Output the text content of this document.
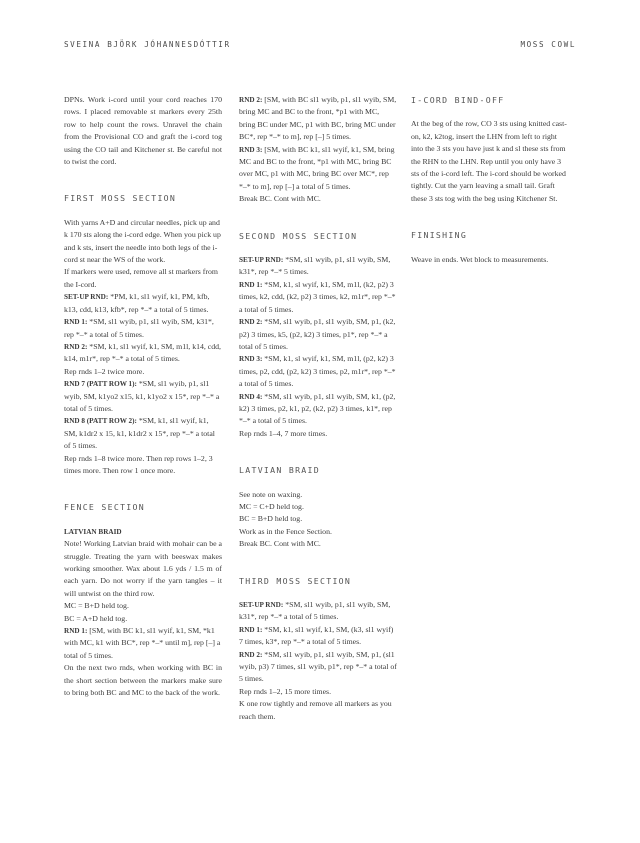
SVEINA BJÖRK JÓHANNESDÓTTIR	MOSS COWL

DPNs. Work i-cord until your cord reaches 170 rows. I placed removable st markers every 25th row to help count the rows. Unravel the chain from the Provisional CO and graft the i-cord tog using the CO tail and Kitchener st. Be careful not to twist the cord.

FIRST MOSS SECTION

With yarns A+D and circular needles, pick up and k 170 sts along the i-cord edge. When you pick up and k sts, insert the needle into both legs of the i-cord st near the WS of the work.

If markers were used, remove all st markers from the I-cord.

SET-UP RND: *PM, k1, sl1 wyif, k1, PM, kfb, k13, cdd, k13, kfb*, rep *–* a total of 5 times.

RND 1: *SM, sl1 wyib, p1, sl1 wyib, SM, k31*, rep *–* a total of 5 times.

RND 2: *SM, k1, sl1 wyif, k1, SM, m1l, k14, cdd, k14, m1r*, rep *–* a total of 5 times.

Rep rnds 1–2 twice more.

RND 7 (PATT ROW 1): *SM, sl1 wyib, p1, sl1 wyib, SM, k1yo2 x15, k1, k1yo2 x 15*, rep *–* a total of 5 times.

RND 8 (PATT ROW 2): *SM, k1, sl1 wyif, k1, SM, k1dr2 x 15, k1, k1dr2 x 15*, rep *–* a total of 5 times.

Rep rnds 1–8 twice more. Then rep rows 1–2, 3 times more. Then row 1 once more.

FENCE SECTION

LATVIAN BRAID

Note! Working Latvian braid with mohair can be a struggle. Treating the yarn with beeswax makes working smoother. Wax about 1.6 yds / 1.5 m of each yarn. Do not worry if the yarn tangles – it will untwist on the third row.

MC = B+D held tog.

BC = A+D held tog.

RND 1: [SM, with BC k1, sl1 wyif, k1, SM, *k1 with MC, k1 with BC*, rep *–* until m], rep [–] a total of 5 times.

On the next two rnds, when working with BC in the short section between the markers make sure to bring both BC and MC to the back of the work.

RND 2: [SM, with BC sl1 wyib, p1, sl1 wyib, SM, bring MC and BC to the front, *p1 with MC, bring BC under MC, p1 with BC, bring MC under BC*, rep *–* to m], rep [–] 5 times.

RND 3: [SM, with BC k1, sl1 wyif, k1, SM, bring MC and BC to the front, *p1 with MC, bring BC over MC, p1 with MC, bring BC over MC*, rep *–* to m], rep [–] a total of 5 times.

Break BC. Cont with MC.

SECOND MOSS SECTION

SET-UP RND: *SM, sl1 wyib, p1, sl1 wyib, SM, k31*, rep *–* 5 times.

RND 1: *SM, k1, sl wyif, k1, SM, m1l, (k2, p2) 3 times, k2, cdd, (k2, p2) 3 times, k2, m1r*, rep *–* a total of 5 times.

RND 2: *SM, sl1 wyib, p1, sl1 wyib, SM, p1, (k2, p2) 3 times, k5, (p2, k2) 3 times, p1*, rep *–* a total of 5 times.

RND 3: *SM, k1, sl wyif, k1, SM, m1l, (p2, k2) 3 times, p2, cdd, (p2, k2) 3 times, p2, m1r*, rep *–* a total of 5 times.

RND 4: *SM, sl1 wyib, p1, sl1 wyib, SM, k1, (p2, k2) 3 times, p2, k1, p2, (k2, p2) 3 times, k1*, rep *–* a total of 5 times.

Rep rnds 1–4, 7 more times.

LATVIAN BRAID

See note on waxing.

MC = C+D held tog.

BC = B+D held tog.

Work as in the Fence Section.

Break BC. Cont with MC.

THIRD MOSS SECTION

SET-UP RND: *SM, sl1 wyib, p1, sl1 wyib, SM, k31*, rep *–* a total of 5 times.

RND 1: *SM, k1, sl1 wyif, k1, SM, (k3, sl1 wyif) 7 times, k3*, rep *–* a total of 5 times.

RND 2: *SM, sl1 wyib, p1, sl1 wyib, SM, p1, (sl1 wyib, p3) 7 times, sl1 wyib, p1*, rep *–* a total of 5 times.

Rep rnds 1–2, 15 more times.

K one row tightly and remove all markers as you reach them.

I-CORD BIND-OFF

At the beg of the row, CO 3 sts using knitted cast-on, k2, k2tog, insert the LHN from left to right into the 3 sts you have just k and sl these sts from the RHN to the LHN. Rep until you only have 3 sts of the i-cord left. The i-cord should be worked tightly. Cut the yarn leaving a small tail. Graft these 3 sts tog with the beg using Kitchener St.

FINISHING

Weave in ends. Wet block to measurements.
